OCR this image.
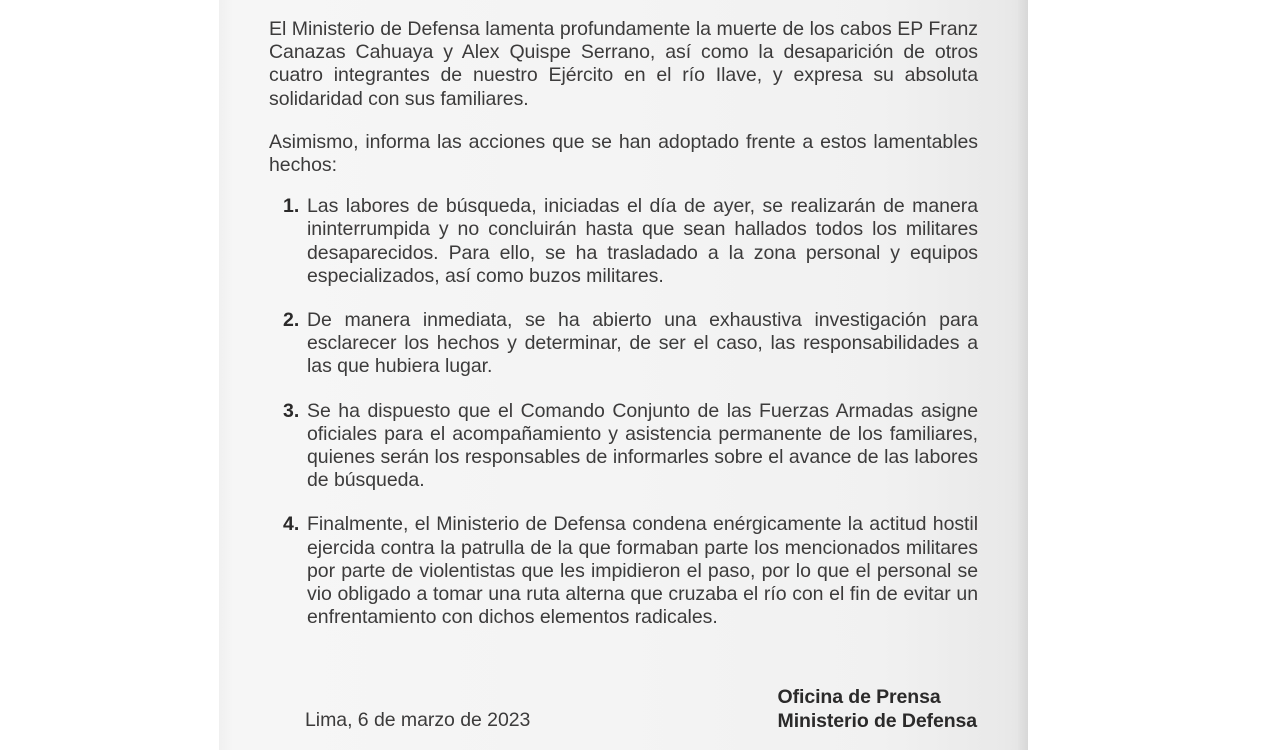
El Ministerio de Defensa lamenta profundamente la muerte de los cabos EP Franz Canazas Cahuaya y Alex Quispe Serrano, así como la desaparición de otros cuatro integrantes de nuestro Ejército en el río Ilave, y expresa su absoluta solidaridad con sus familiares.

Asimismo, informa las acciones que se han adoptado frente a estos lamentables hechos:

1. Las labores de búsqueda, iniciadas el día de ayer, se realizarán de manera ininterrumpida y no concluirán hasta que sean hallados todos los militares desaparecidos. Para ello, se ha trasladado a la zona personal y equipos especializados, así como buzos militares.
2. De manera inmediata, se ha abierto una exhaustiva investigación para esclarecer los hechos y determinar, de ser el caso, las responsabilidades a las que hubiera lugar.
3. Se ha dispuesto que el Comando Conjunto de las Fuerzas Armadas asigne oficiales para el acompañamiento y asistencia permanente de los familiares, quienes serán los responsables de informarles sobre el avance de las labores de búsqueda.
4. Finalmente, el Ministerio de Defensa condena enérgicamente la actitud hostil ejercida contra la patrulla de la que formaban parte los mencionados militares por parte de violentistas que les impidieron el paso, por lo que el personal se vio obligado a tomar una ruta alterna que cruzaba el río con el fin de evitar un enfrentamiento con dichos elementos radicales.
Lima, 6 de marzo de 2023
Oficina de Prensa
Ministerio de Defensa
